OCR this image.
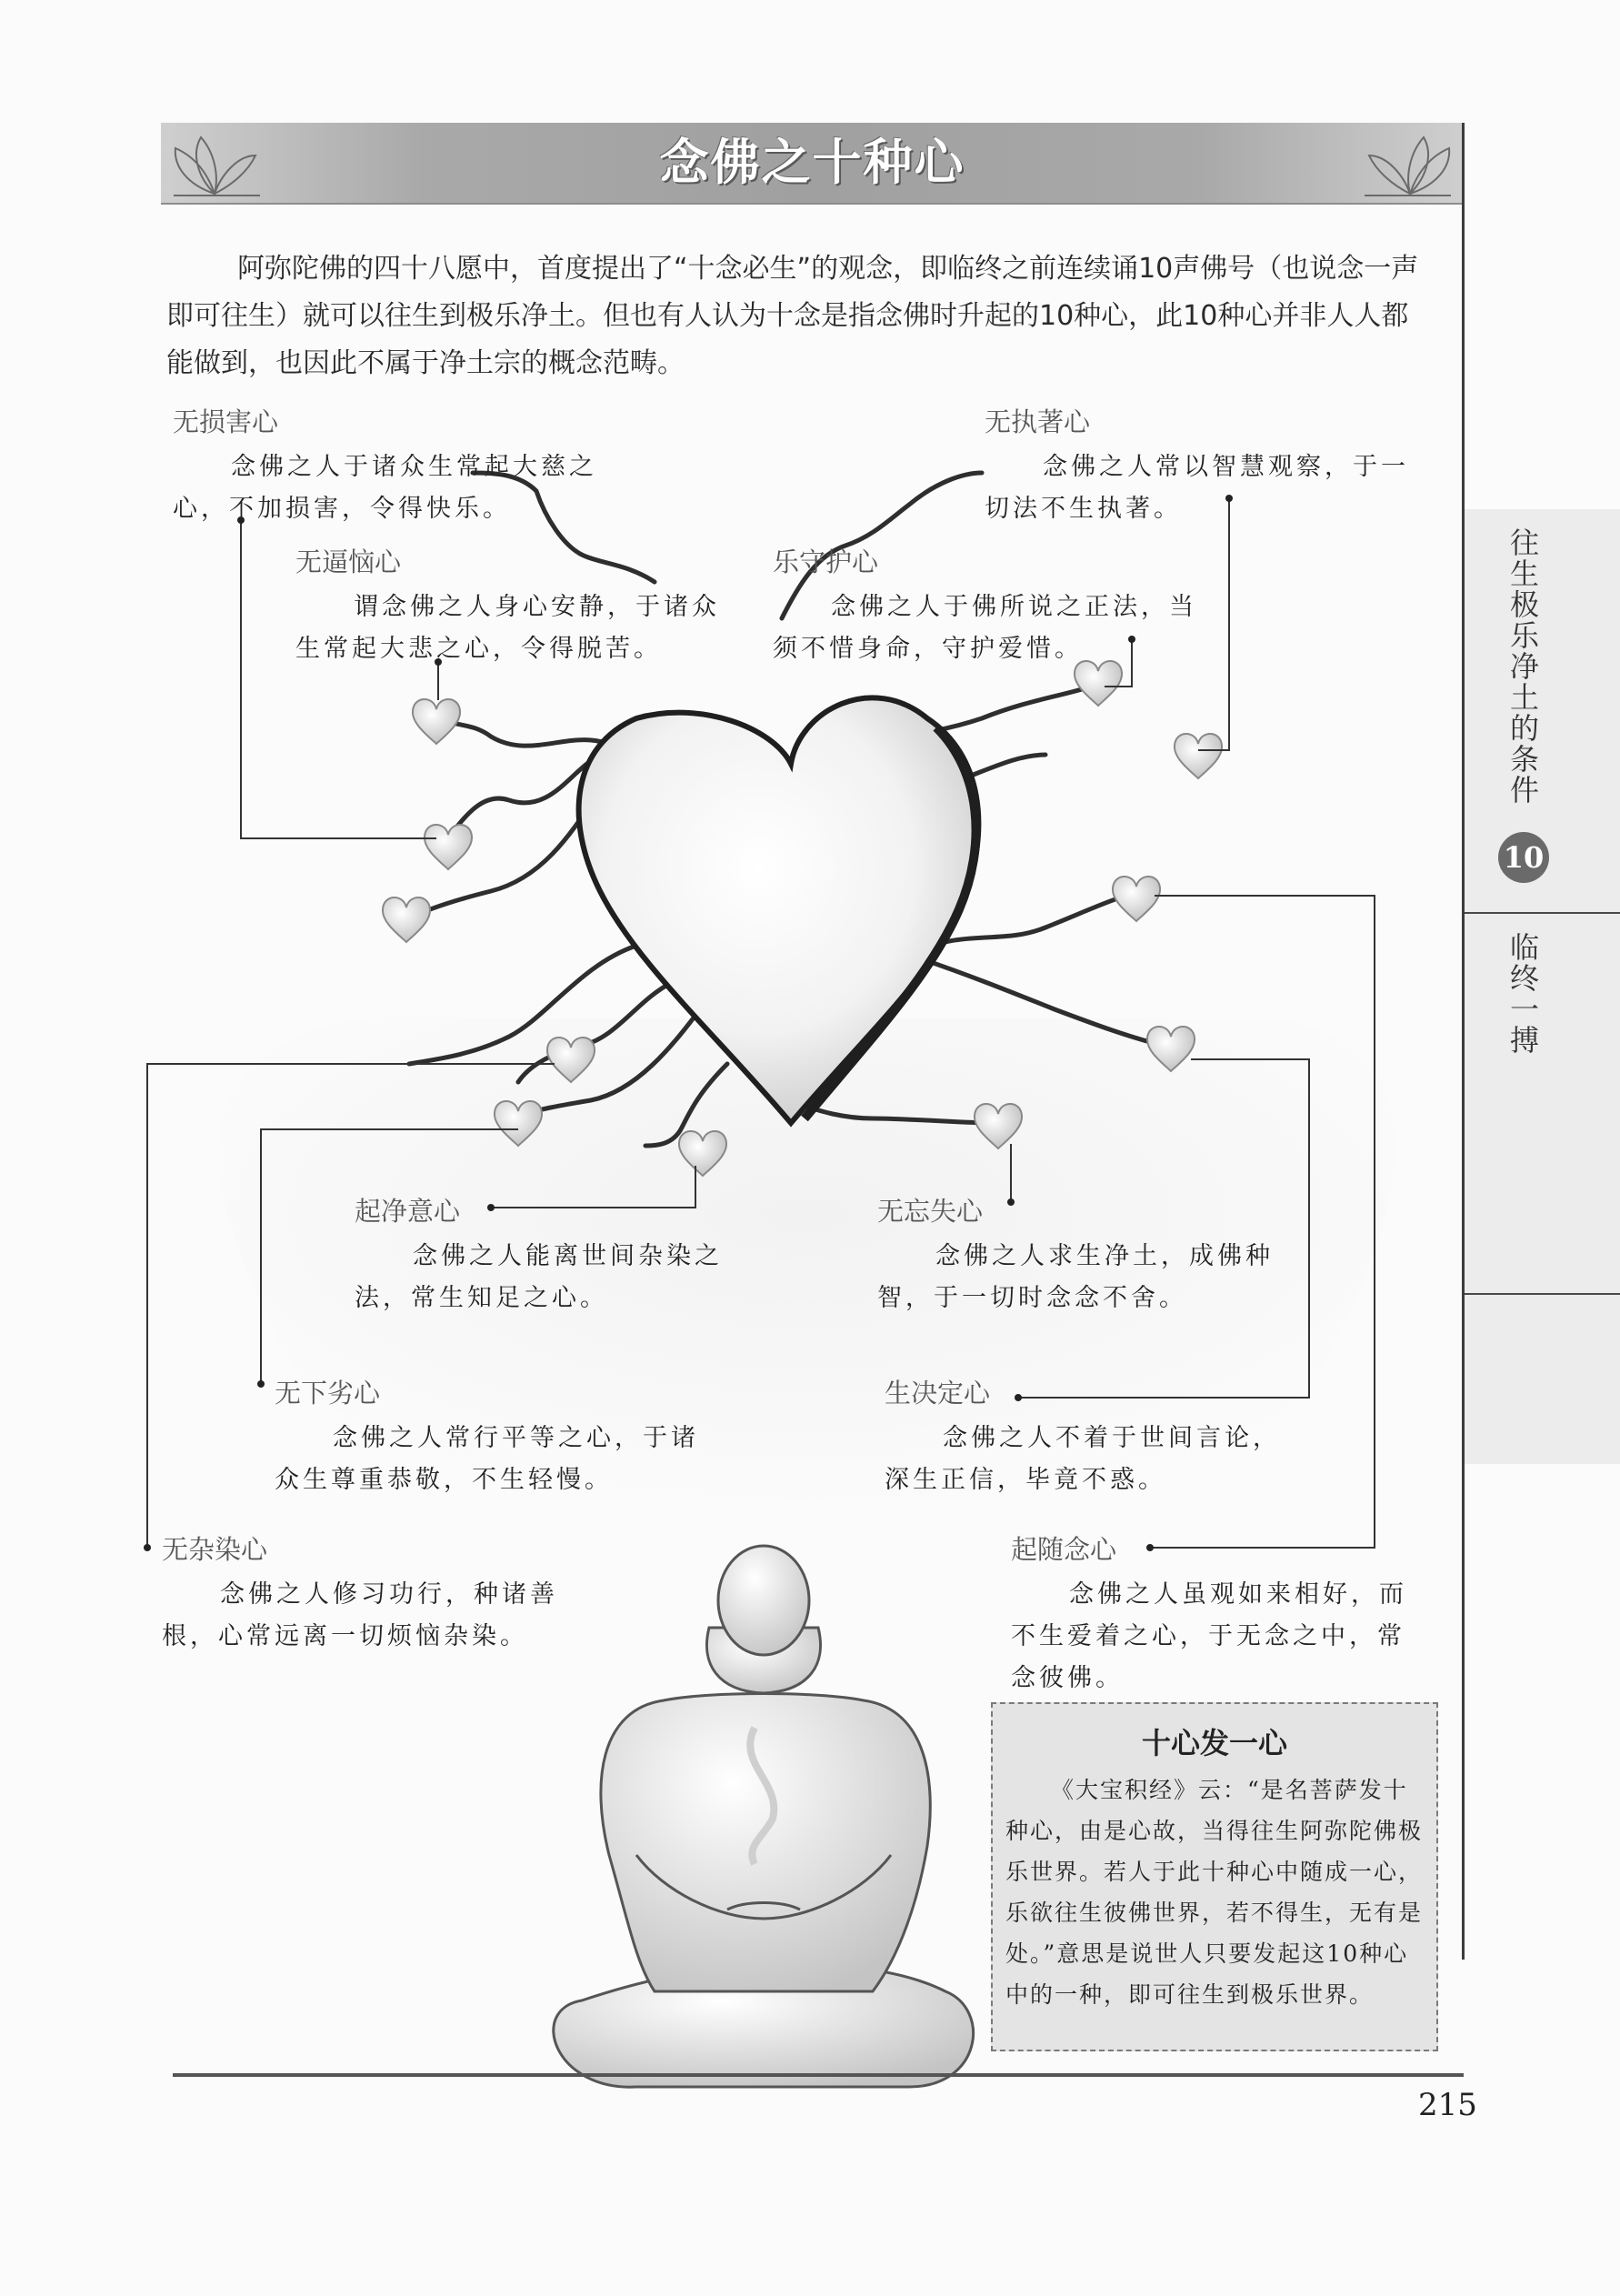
念佛之十种心
往生极乐净土的条件
10
临终一搏

阿弥陀佛的四十八愿中，首度提出了“十念必生”的观念，即临终之前连续诵10声佛号（也说念一声即可往生）就可以往生到极乐净土。但也有人认为十念是指念佛时升起的10种心，此10种心并非人人都能做到，也因此不属于净土宗的概念范畴。

无损害心

念佛之人于诸众生常起大慈之心，不加损害，令得快乐。

无执著心

念佛之人常以智慧观察，于一切法不生执著。

无逼恼心

谓念佛之人身心安静，于诸众生常起大悲之心，令得脱苦。

乐守护心

念佛之人于佛所说之正法，当须不惜身命，守护爱惜。

起净意心

念佛之人能离世间杂染之法，常生知足之心。

无忘失心

念佛之人求生净土，成佛种智，于一切时念念不舍。

无下劣心

念佛之人常行平等之心，于诸众生尊重恭敬，不生轻慢。

生决定心

念佛之人不着于世间言论，深生正信，毕竟不惑。

无杂染心

念佛之人修习功行，种诸善根，心常远离一切烦恼杂染。

起随念心

念佛之人虽观如来相好，而不生爱着之心，于无念之中，常念彼佛。

十心发一心

《大宝积经》云：“是名菩萨发十种心，由是心故，当得往生阿弥陀佛极乐世界。若人于此十种心中随成一心，乐欲往生彼佛世界，若不得生，无有是处。”意思是说世人只要发起这10种心中的一种，即可往生到极乐世界。

215
